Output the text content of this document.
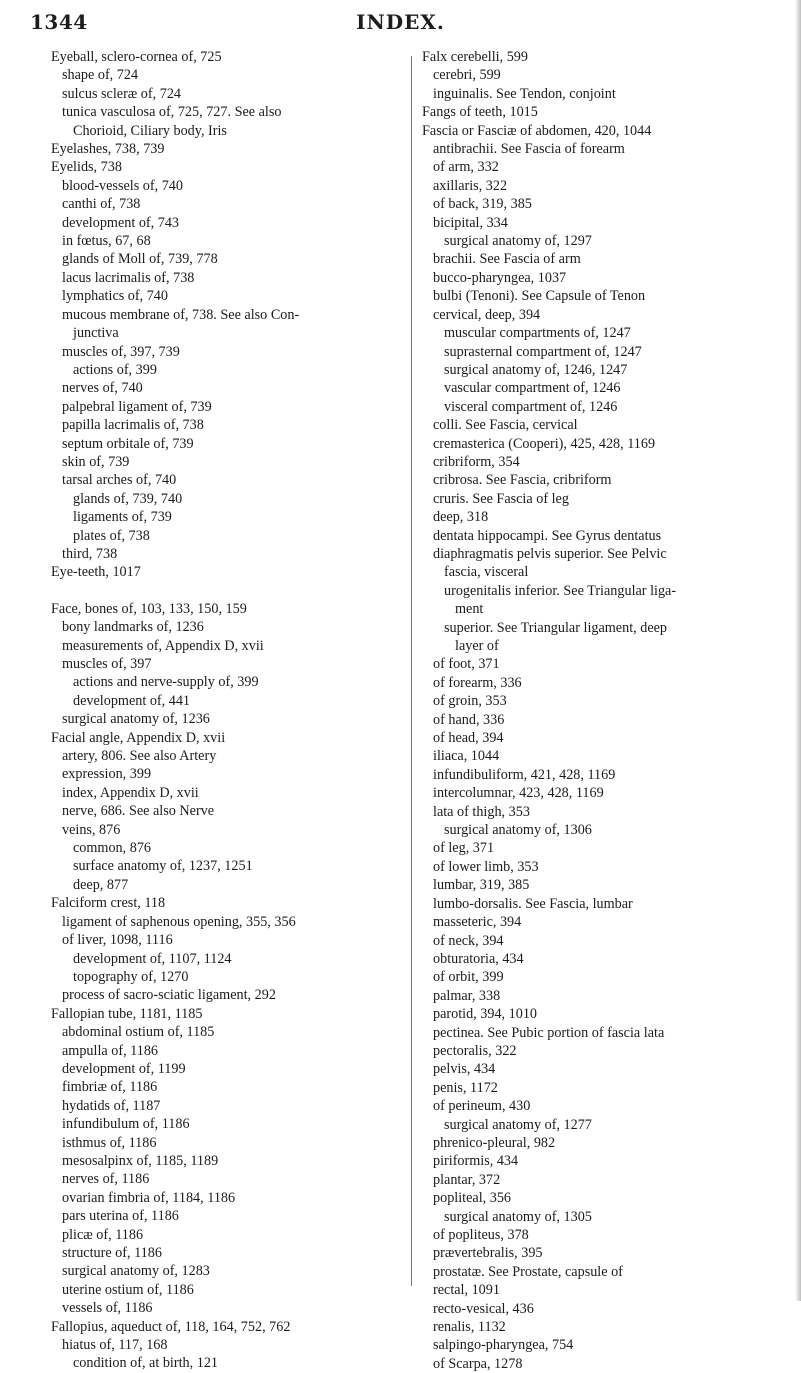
1344	INDEX.
Eyeball, sclero-cornea of, 725
shape of, 724
sulcus scleræ of, 724
tunica vasculosa of, 725, 727. See also
Chorioid, Ciliary body, Iris
Eyelashes, 738, 739
Eyelids, 738
blood-vessels of, 740
canthi of, 738
development of, 743
in fœtus, 67, 68
glands of Moll of, 739, 778
lacus lacrimalis of, 738
lymphatics of, 740
mucous membrane of, 738. See also Con-
junctiva
muscles of, 397, 739
actions of, 399
nerves of, 740
palpebral ligament of, 739
papilla lacrimalis of, 738
septum orbitale of, 739
skin of, 739
tarsal arches of, 740
glands of, 739, 740
ligaments of, 739
plates of, 738
third, 738
Eye-teeth, 1017
Face, bones of, 103, 133, 150, 159
bony landmarks of, 1236
measurements of, Appendix D, xvii
muscles of, 397
actions and nerve-supply of, 399
development of, 441
surgical anatomy of, 1236
Facial angle, Appendix D, xvii
artery, 806. See also Artery
expression, 399
index, Appendix D, xvii
nerve, 686. See also Nerve
veins, 876
common, 876
surface anatomy of, 1237, 1251
deep, 877
Falciform crest, 118
ligament of saphenous opening, 355, 356
of liver, 1098, 1116
development of, 1107, 1124
topography of, 1270
process of sacro-sciatic ligament, 292
Fallopian tube, 1181, 1185
abdominal ostium of, 1185
ampulla of, 1186
development of, 1199
fimbriæ of, 1186
hydatids of, 1187
infundibulum of, 1186
isthmus of, 1186
mesosalpinx of, 1185, 1189
nerves of, 1186
ovarian fimbria of, 1184, 1186
pars uterina of, 1186
plicæ of, 1186
structure of, 1186
surgical anatomy of, 1283
uterine ostium of, 1186
vessels of, 1186
Fallopius, aqueduct of, 118, 164, 752, 762
hiatus of, 117, 168
condition of, at birth, 121
Falx cerebelli, 599
cerebri, 599
inguinalis. See Tendon, conjoint
Fangs of teeth, 1015
Fascia or Fasciæ of abdomen, 420, 1044
antibrachii. See Fascia of forearm
of arm, 332
axillaris, 322
of back, 319, 385
bicipital, 334
surgical anatomy of, 1297
brachii. See Fascia of arm
bucco-pharyngea, 1037
bulbi (Tenoni). See Capsule of Tenon
cervical, deep, 394
muscular compartments of, 1247
suprasternal compartment of, 1247
surgical anatomy of, 1246, 1247
vascular compartment of, 1246
visceral compartment of, 1246
colli. See Fascia, cervical
cremasterica (Cooperi), 425, 428, 1169
cribriform, 354
cribrosa. See Fascia, cribriform
cruris. See Fascia of leg
deep, 318
dentata hippocampi. See Gyrus dentatus
diaphragmatis pelvis superior. See Pelvic
fascia, visceral
urogenitalis inferior. See Triangular liga-
ment
superior. See Triangular ligament, deep
layer of
of foot, 371
of forearm, 336
of groin, 353
of hand, 336
of head, 394
iliaca, 1044
infundibuliform, 421, 428, 1169
intercolumnar, 423, 428, 1169
lata of thigh, 353
surgical anatomy of, 1306
of leg, 371
of lower limb, 353
lumbar, 319, 385
lumbo-dorsalis. See Fascia, lumbar
masseteric, 394
of neck, 394
obturatoria, 434
of orbit, 399
palmar, 338
parotid, 394, 1010
pectinea. See Pubic portion of fascia lata
pectoralis, 322
pelvis, 434
penis, 1172
of perineum, 430
surgical anatomy of, 1277
phrenico-pleural, 982
piriformis, 434
plantar, 372
popliteal, 356
surgical anatomy of, 1305
of popliteus, 378
prævertebralis, 395
prostatæ. See Prostate, capsule of
rectal, 1091
recto-vesical, 436
renalis, 1132
salpingo-pharyngea, 754
of Scarpa, 1278
